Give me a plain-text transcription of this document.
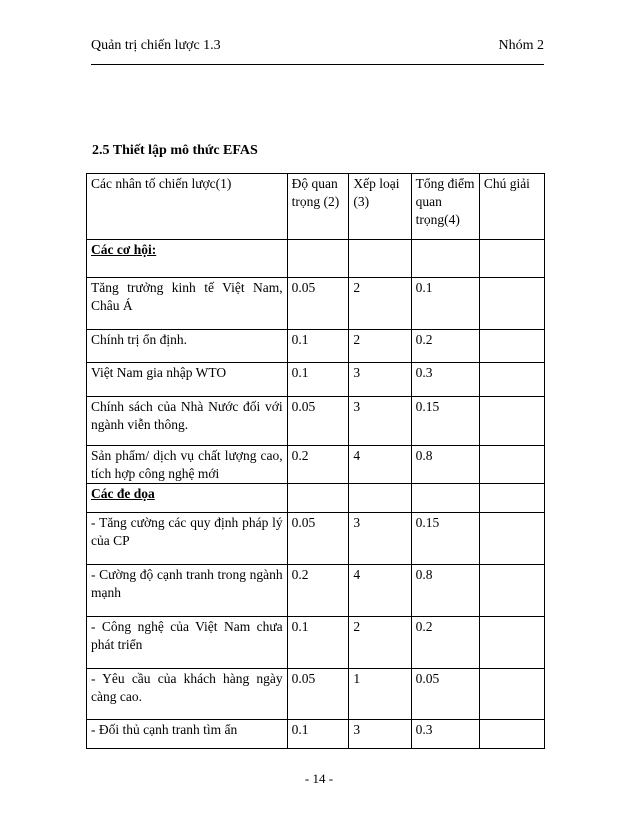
Quản trị chiến lược 1.3	Nhóm 2
2.5 Thiết lập mô thức EFAS
Các nhân tố chiến lược(1)	Độ quan trọng (2)	Xếp loại (3)	Tổng điểm quan trọng(4)	Chú giải
Các cơ hội:				
Tăng trưởng kinh tế Việt Nam, Châu Á	0.05	2	0.1	
Chính trị ổn định.	0.1	2	0.2	
Việt Nam gia nhập WTO	0.1	3	0.3	
Chính sách của Nhà Nước đối với ngành viễn thông.	0.05	3	0.15	
Sản phẩm/ dịch vụ chất lượng cao, tích hợp công nghệ mới	0.2	4	0.8	
Các đe dọa				
- Tăng cường các quy định pháp lý của CP	0.05	3	0.15	
- Cường độ cạnh tranh trong ngành mạnh	0.2	4	0.8	
- Công nghệ của Việt Nam chưa phát triển	0.1	2	0.2	
- Yêu cầu của khách hàng ngày càng cao.	0.05	1	0.05	
- Đối thủ cạnh tranh tìm ẩn	0.1	3	0.3	
- 14 -
